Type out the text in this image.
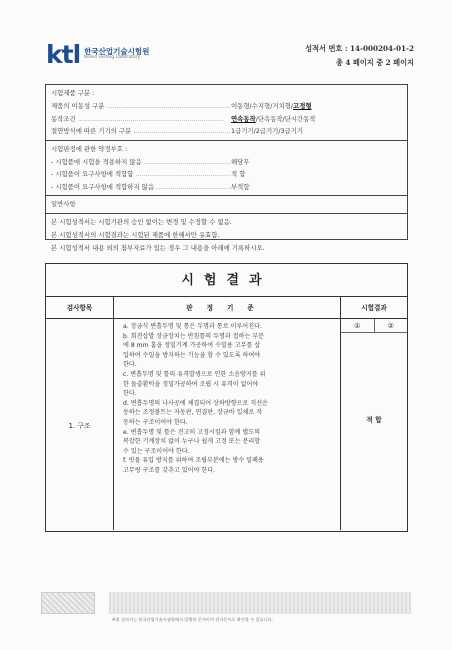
ktl 한국산업기술시험원
Korea Testing Laboratory
성적서 번호 : 14-000204-01-2
총 4 페이지 중 2 페이지
시험제품 구분 :
제품의 이동성 구분 .....	이동형/수지형/거치형/고정형
동작조건 .....	연속동작/단속동작/단시간동작
절연방식에 따른 기기의 구분 .....	1급기기/2급기기/3급기기
시험판정에 관한 약정부호 :
- 시험품에 시험을 적용하지 않음 .....	해당무
- 시험품이 요구사항에 적합함 .....	적 합
- 시험품이 요구사항에 적합하지 않음 .....	부적합
일반사항
본 시험성적서는 시험기관의 승인 없이는 변경 및 수정할 수 없음.
본 시험성적서의 시험결과는 시험된 제품에 한해서만 유효함.
본 시험성적서 내용 외의 첨부자료가 있는 경우 그 내용을 아래에 기록하시오.
시험결과
검사항목	판정기준	시험결과
1. 구조
a. 장금식 변흡두명 및 통은 두명과 통로 이루어진다.
b. 회전삽발 장금장치는 반침틀의 두명과 접하는 부분
에 8 mm 홈을 정밀기계 가공하여 수밀용 고무를 삽
입하여 수밀을 방지하는 기능을 할 수 있도록 하여야
한다.
c. 변흡두명 및 틀의 유격발생으로 인한 소음방지를 위
한 돌출환턱을 정밀가공하여 조립 시 유격이 없어야
한다.
d. 변흡두명의 나사공에 체결되어 상하방향으로 직선운
동하는 조정볼트는 자동판, 연결판, 장금바 일체로 작
동하는 구조이어야 한다.
e. 변흡두명 및 틀은 견고히 고정시킴과 함께 별도의
복잡한 기계장치 없이 누구나 쉽게 고정 또는 분리할
수 있는 구조이어야 한다.
f. 빗물 유입 방지를 위하여 조립부분에는 방수 밀폐용
고무링 구조를 갖추고 있어야 한다.
①	②
적 합
※위 성적서는 한국산업기술시험원에서 발행한 문서이며 전자문서로 확인할 수 있습니다.
